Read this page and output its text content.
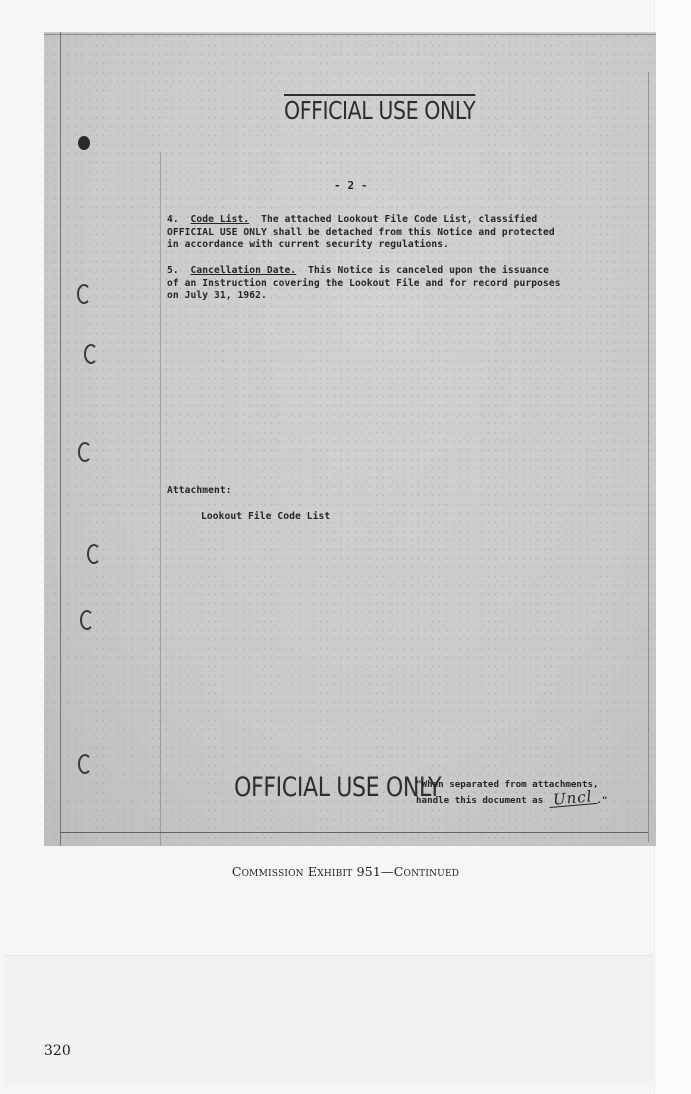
OFFICIAL USE ONLY
- 2 -
4. Code List. The attached Lookout File Code List, classified
OFFICIAL USE ONLY shall be detached from this Notice and protected
in accordance with current security regulations.
5. Cancellation Date. This Notice is canceled upon the issuance
of an Instruction covering the Lookout File and for record purposes
on July 31, 1962.
Attachment:
Lookout File Code List
OFFICIAL USE ONLY
"When separated from attachments,
handle this document as Uncl ."
Commission Exhibit 951—Continued
320
